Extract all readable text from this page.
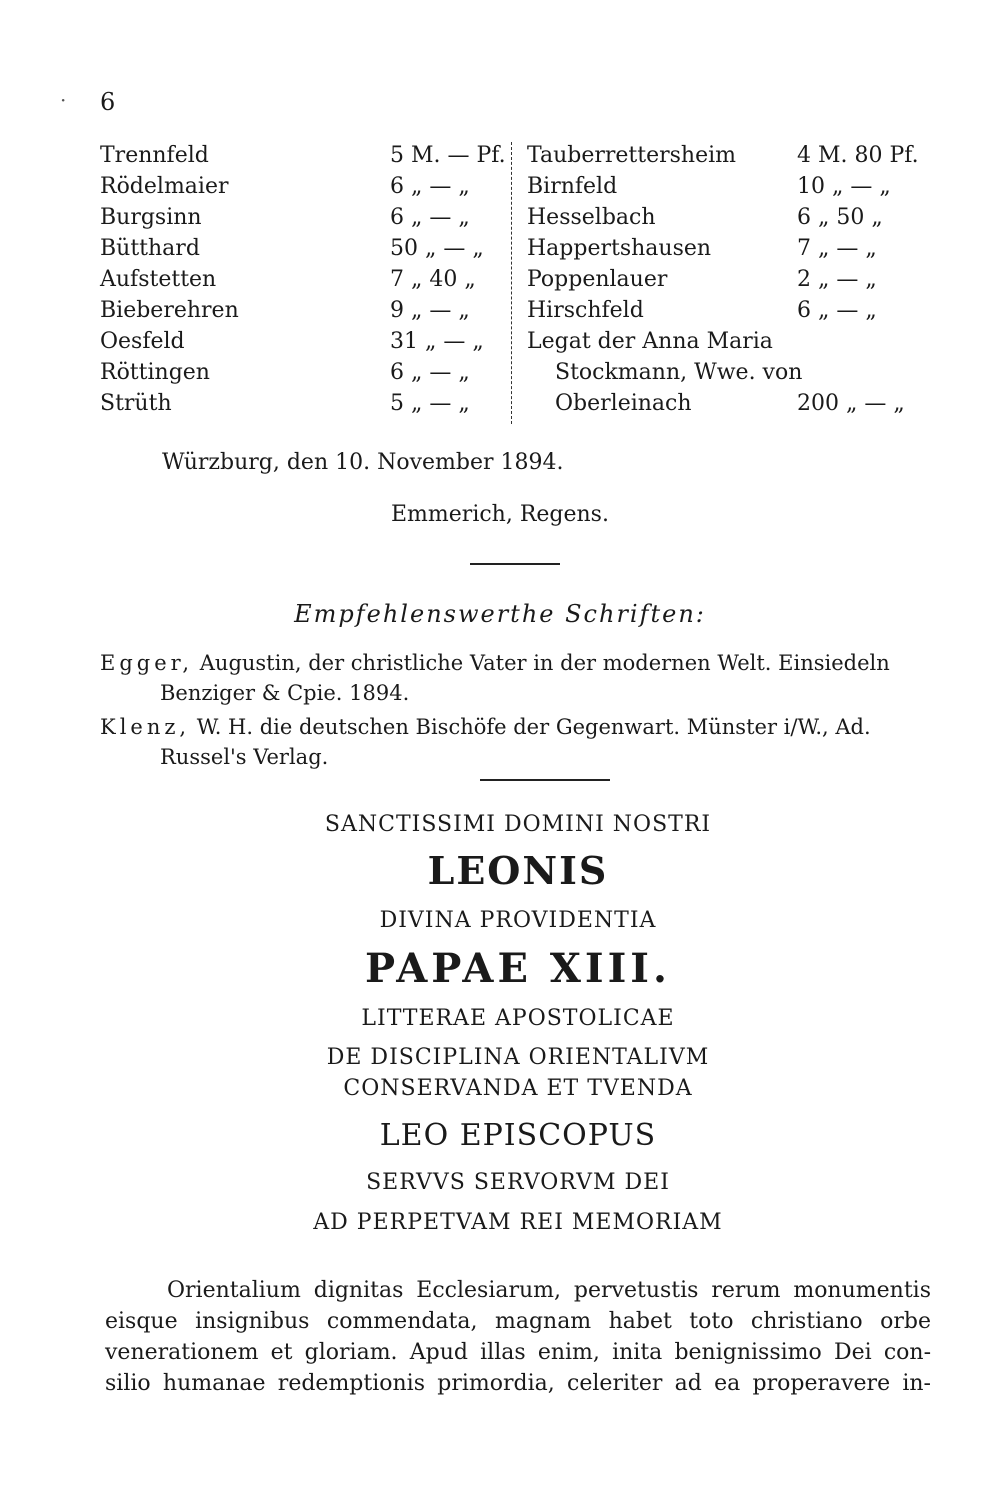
· 6
Trennfeld	5 M. — Pf.
Rödelmaier	6 „ — „
Burgsinn	6 „ — „
Bütthard	50 „ — „
Aufstetten	7 „ 40 „
Bieberehren	9 „ — „
Oesfeld	31 „ — „
Röttingen	6 „ — „
Strüth	5 „ — „
Tauberrettersheim	4 M. 80 Pf.
Birnfeld	10 „ — „
Hesselbach	6 „ 50 „
Happertshausen	7 „ — „
Poppenlauer	2 „ — „
Hirschfeld	6 „ — „
Legat der Anna Maria
Stockmann, Wwe. von
Oberleinach	200 „ — „
Würzburg, den 10. November 1894.
Emmerich, Regens.
Empfehlenswerthe Schriften:
Egger, Augustin, der christliche Vater in der modernen Welt. Einsiedeln
Benziger & Cpie. 1894.
Klenz, W. H. die deutschen Bischöfe der Gegenwart. Münster i/W., Ad.
Russel's Verlag.
SANCTISSIMI DOMINI NOSTRI
LEONIS
DIVINA PROVIDENTIA
PAPAE XIII.
LITTERAE APOSTOLICAE
DE DISCIPLINA ORIENTALIVM
CONSERVANDA ET TVENDA
LEO EPISCOPUS
SERVVS SERVORVM DEI
AD PERPETVAM REI MEMORIAM
Orientalium dignitas Ecclesiarum, pervetustis rerum monumentis
eisque insignibus commendata, magnam habet toto christiano orbe
venerationem et gloriam. Apud illas enim, inita benignissimo Dei con-
silio humanae redemptionis primordia, celeriter ad ea properavere in-
